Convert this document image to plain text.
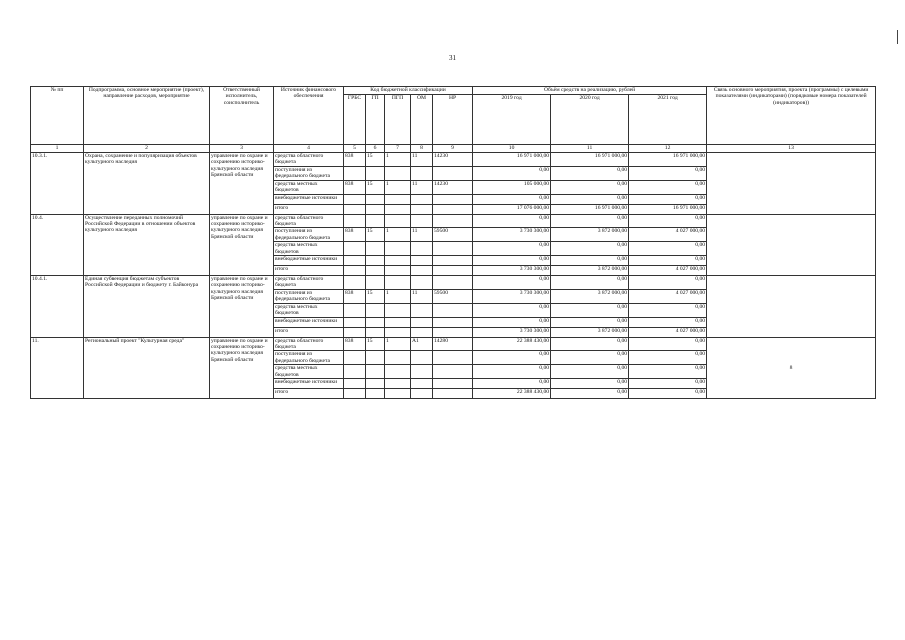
31
№ пп	Подпрограмма, основное мероприятие (проект), направление расходов, мероприятие	Ответственный исполнитель, соисполнитель	Источник финансового обеспечения	Код бюджетной классификации					Объём средств на реализацию, рублей			Связь основного мероприятия, проекта (программы) с целевыми показателями (индикаторами) (порядковые номера показателей (индикаторов))
				ГРБС	ГП	ПГП	ОМ	НР	2019 год	2020 год	2021 год	
1	2	3	4	5	6	7	8	9	10	11	12	13
10.3.1.	Охрана, сохранение и популяризация объектов культурного наследия	управление по охране и сохранению историко-культурного наследия Брянской области	средства областного бюджета	838	15	1	11	14230	16 971 000,00	16 971 000,00	16 971 000,00	
			поступления из федерального бюджета						0,00	0,00	0,00	
			средства местных бюджетов	838	15	1	11	14230	105 000,00	0,00	0,00	
			внебюджетные источники						0,00	0,00	0,00	
			итого						17 076 000,00	16 971 000,00	16 971 000,00	
10.4.	Осуществление переданных полномочий Российской Федерации в отношении объектов культурного наследия	управление по охране и сохранению историко-культурного наследия Брянской области	средства областного бюджета						0,00	0,00	0,00	
			поступления из федерального бюджета	838	15	1	11	59500	3 730 300,00	3 872 000,00	4 027 000,00	
			средства местных бюджетов						0,00	0,00	0,00	
			внебюджетные источники						0,00	0,00	0,00	
			итого						3 730 300,00	3 872 000,00	4 027 000,00	
10.4.1.	Единая субвенция бюджетам субъектов Российской Федерации и бюджету г. Байконура	управление по охране и сохранению историко-культурного наследия Брянской области	средства областного бюджета						0,00	0,00	0,00	
			поступления из федерального бюджета	838	15	1	11	59500	3 730 300,00	3 872 000,00	4 027 000,00	
			средства местных бюджетов						0,00	0,00	0,00	
			внебюджетные источники						0,00	0,00	0,00	
			итого						3 730 300,00	3 872 000,00	4 027 000,00	
11.	Региональный проект "Культурная среда"	управление по охране и сохранению историко-культурного наследия Брянской области	средства областного бюджета	838	15	1	A1	14280	22 388 430,00	0,00	0,00	8
			поступления из федерального бюджета						0,00	0,00	0,00	
			средства местных бюджетов						0,00	0,00	0,00	
			внебюджетные источники						0,00	0,00	0,00	
			итого						22 388 430,00	0,00	0,00	
